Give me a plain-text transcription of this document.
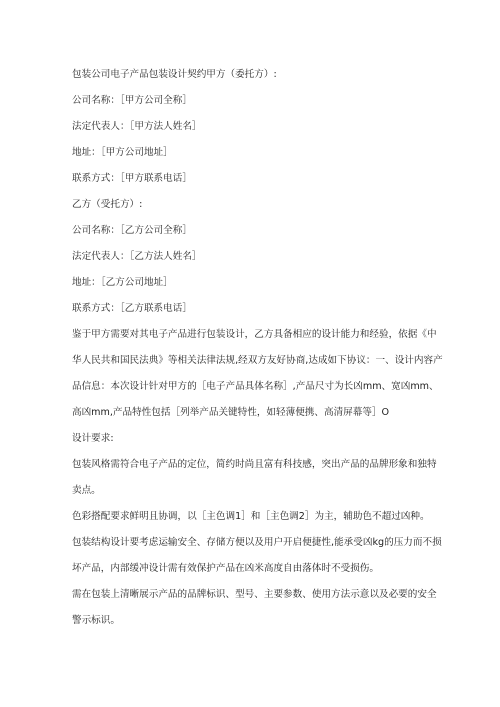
包装公司电子产品包装设计契约甲方（委托方）:
公司名称：［甲方公司全称］
法定代表人：［甲方法人姓名］
地址：［甲方公司地址］
联系方式：［甲方联系电话］
乙方（受托方）:
公司名称：［乙方公司全称］
法定代表人：［乙方法人姓名］
地址：［乙方公司地址］
联系方式：［乙方联系电话］
鉴于甲方需要对其电子产品进行包装设计，乙方具备相应的设计能力和经验，依据《中华人民共和国民法典》等相关法律法规,经双方友好协商,达成如下协议：一、设计内容产品信息：本次设计针对甲方的［电子产品具体名称］,产品尺寸为长凶mm、宽凶mm、高凶mm,产品特性包括［列举产品关键特性，如轻薄便携、高清屏幕等］O
设计要求:
包装风格需符合电子产品的定位，简约时尚且富有科技感，突出产品的品牌形象和独特卖点。
色彩搭配要求鲜明且协调，以［主色调1］和［主色调2］为主，辅助色不超过凶种。
包装结构设计要考虑运输安全、存储方便以及用户开启便捷性,能承受凶kg的压力而不损坏产品，内部缓冲设计需有效保护产品在凶米高度自由落体时不受损伤。
需在包装上清晰展示产品的品牌标识、型号、主要参数、使用方法示意以及必要的安全警示标识。
